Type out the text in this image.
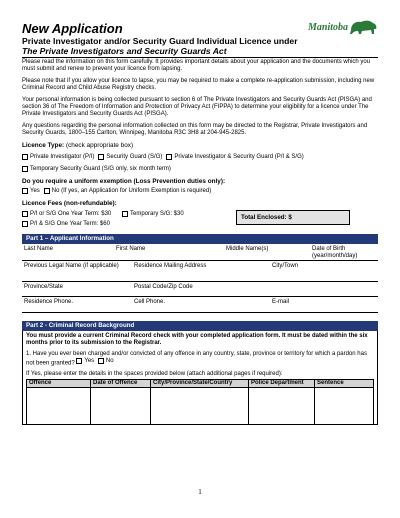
Manitoba
New Application
Private Investigator and/or Security Guard Individual Licence under
The Private Investigators and Security Guards Act
Please read the information on this form carefully. It provides important details about your application and the documents which you must submit and renew to prevent your licence from lapsing.
Please note that if you allow your licence to lapse, you may be required to make a complete re-application submission, including new Criminal Record and Child Abuse Registry checks.
Your personal information is being collected pursuant to section 6 of The Private Investigators and Security Guards Act (PISGA) and section 36 of The Freedom of Information and Protection of Privacy Act (FIPPA) to determine your eligibility for a licence under The Private Investigators and Security Guards Act (PISGA).
Any questions regarding the personal information collected on this form may be directed to the Registrar, Private Investigators and Security Guards, 1800–155 Carlton, Winnipeg, Manitoba R3C 3H8 at 204-945-2825.
Licence Type: (check appropriate box)
Private Investigator (P/I) Security Guard (S/G) Private Investigator & Security Guard (P/I & S/G)
Temporary Security Guard (S/G only, six month term)
Do you require a uniform exemption (Loss Prevention duties only):
Yes No (If yes, an Application for Uniform Exemption is required)
Licence Fees (non-refundable):
P/I or S/G One Year Term: $30

P/I & S/G One Year Term: $60
Temporary S/G: $30	Total Enclosed: $
Part 1 – Applicant Information
Last Name	First Name	Middle Name(s)	Date of Birth (year/month/day)
Previous Legal Name (if applicable)	Residence Mailing Address	City/Town
Province/State	Postal Code/Zip Code
Residence Phone.	Cell Phone.	E-mail
Part 2 - Criminal Record Background
You must provide a current Criminal Record check with your completed application form. It must be dated within the six months prior to its submission to the Registrar.
1. Have you ever been charged and/or convicted of any offence in any country, state, province or territory for which a pardon has not been granted? Yes
No
If Yes, please enter the details in the spaces provided below (attach additional pages if required):
Offence	Date of Offence	City/Province/State/Country	Police Department	Sentence

1
